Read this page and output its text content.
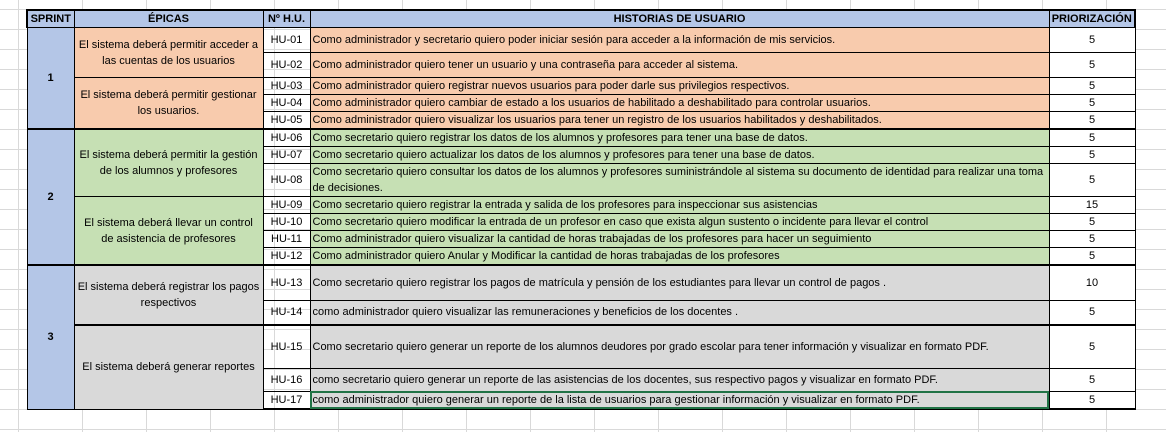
SPRINT	ÉPICAS	Nº H.U.	HISTORIAS DE USUARIO	PRIORIZACIÓN
1	El sistema deberá permitir acceder a las cuentas de los usuarios	HU-01	Como administrador y secretario quiero poder iniciar sesión para acceder a la información de mis servicios.	5
		HU-02	Como administrador quiero tener un usuario y una contraseña para acceder al sistema.	5
	El sistema deberá permitir gestionar los usuarios.	HU-03	Como administrador quiero registrar nuevos usuarios para poder darle sus privilegios respectivos.	5
		HU-04	Como administrador quiero cambiar de estado a los usuarios de habilitado a deshabilitado para controlar usuarios.	5
		HU-05	Como administrador quiero visualizar los usuarios para tener un registro de los usuarios habilitados y deshabilitados.	5
2	El sistema deberá permitir la gestión de los alumnos y profesores	HU-06	Como secretario quiero registrar los datos de los alumnos y profesores para tener una base de datos.	5
		HU-07	Como secretario quiero actualizar los datos de los alumnos y profesores para tener una base de datos.	5
		HU-08	Como secretario quiero consultar los datos de los alumnos y profesores suministrándole al sistema su documento de identidad para realizar una toma de decisiones.	5
	El sistema deberá llevar un control de asistencia de profesores	HU-09	Como secretario quiero registrar la entrada y salida de los profesores para inspeccionar sus asistencias	15
		HU-10	Como secretario quiero modificar la entrada de un profesor en caso que exista algun sustento o incidente para llevar el control	5
		HU-11	Como administrador quiero visualizar la cantidad de horas trabajadas de los profesores para hacer un seguimiento	5
		HU-12	Como administrador quiero Anular y Modificar la cantidad de horas trabajadas de los profesores	5
3	El sistema deberá registrar los pagos respectivos	HU-13	Como secretario quiero registrar los pagos de matrícula y pensión de los estudiantes para llevar un control de pagos .	10
		HU-14	como administrador quiero visualizar las remuneraciones y beneficios de los docentes .	5
	El sistema deberá generar reportes	HU-15	Como secretario quiero generar un reporte de los alumnos deudores por grado escolar para tener información y visualizar en formato PDF.	5
		HU-16	como secretario quiero generar un reporte de las asistencias de los docentes, sus respectivo pagos y visualizar en formato PDF.	5
		HU-17	como administrador quiero generar un reporte de la lista de usuarios para gestionar información y visualizar en formato PDF.	5
